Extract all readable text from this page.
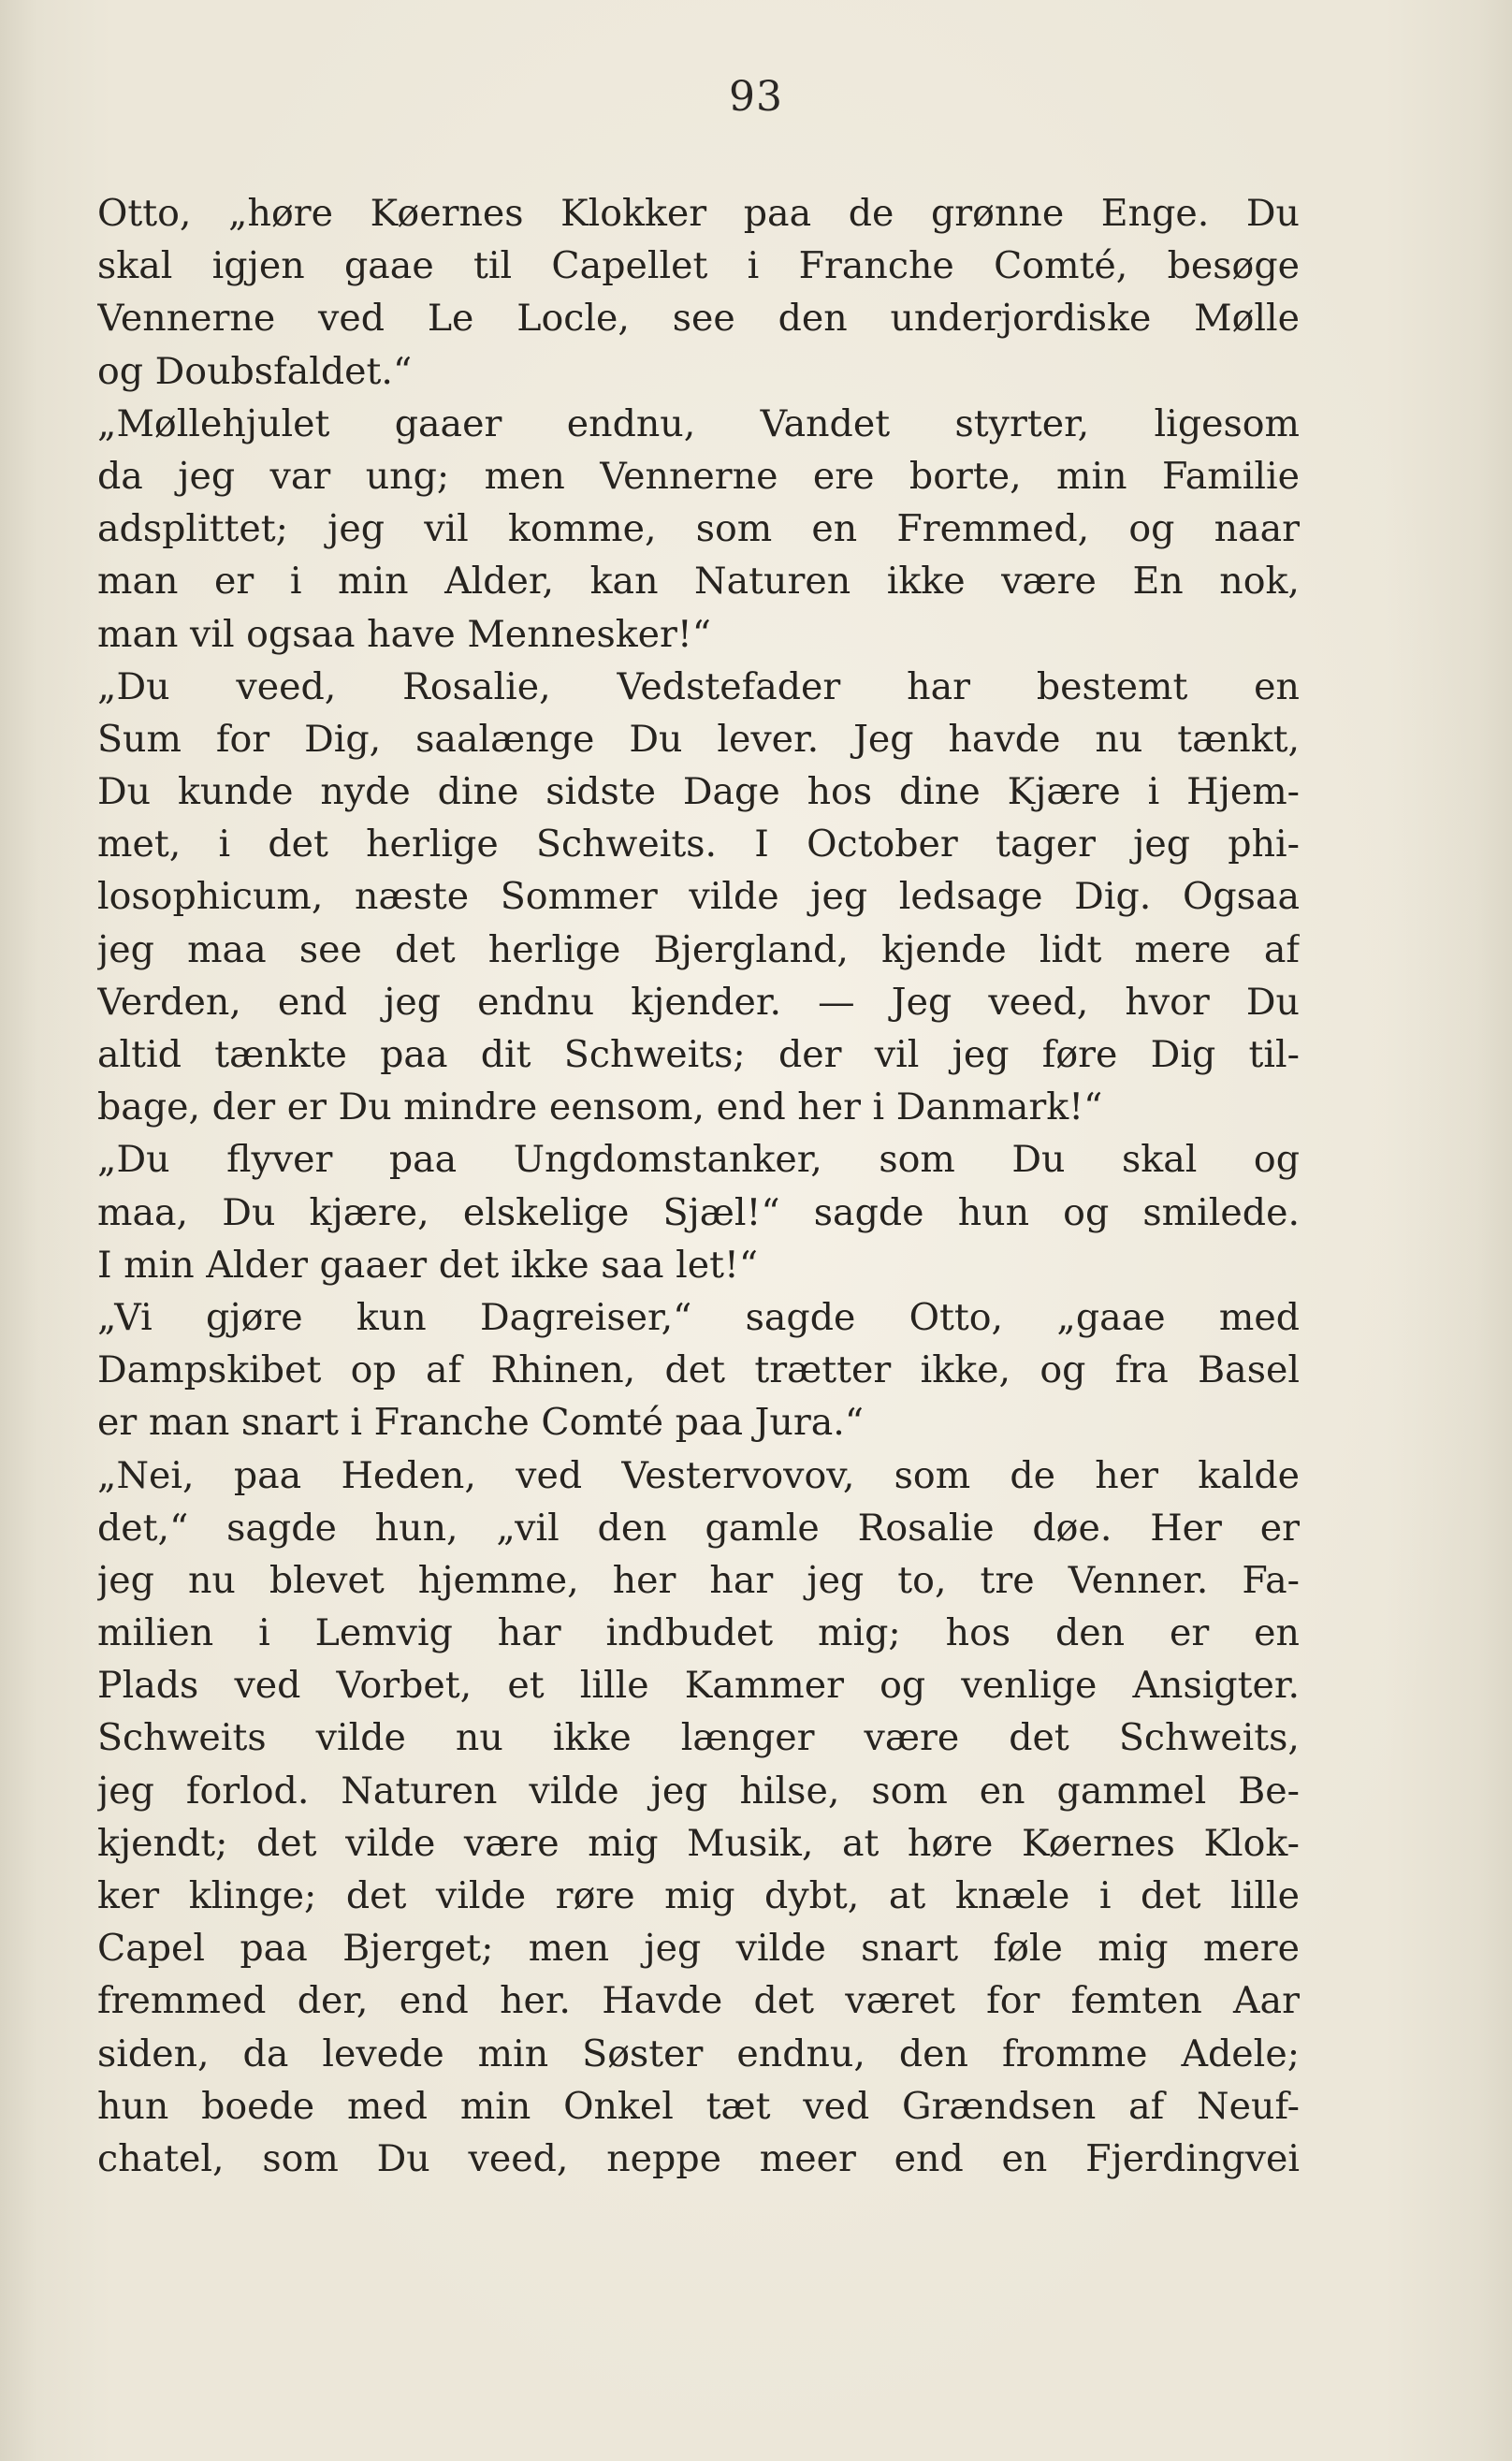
93
Otto, „høre Køernes Klokker paa de grønne Enge. Du
skal igjen gaae til Capellet i Franche Comté, besøge
Vennerne ved Le Locle, see den underjordiske Mølle
og Doubsfaldet.“
„Møllehjulet gaaer endnu, Vandet styrter, ligesom
da jeg var ung; men Vennerne ere borte, min Familie
adsplittet; jeg vil komme, som en Fremmed, og naar
man er i min Alder, kan Naturen ikke være En nok,
man vil ogsaa have Mennesker!“
„Du veed, Rosalie, Vedstefader har bestemt en
Sum for Dig, saalænge Du lever. Jeg havde nu tænkt,
Du kunde nyde dine sidste Dage hos dine Kjære i Hjem-
met, i det herlige Schweits. I October tager jeg phi-
losophicum, næste Sommer vilde jeg ledsage Dig. Ogsaa
jeg maa see det herlige Bjergland, kjende lidt mere af
Verden, end jeg endnu kjender. — Jeg veed, hvor Du
altid tænkte paa dit Schweits; der vil jeg føre Dig til-
bage, der er Du mindre eensom, end her i Danmark!“
„Du flyver paa Ungdomstanker, som Du skal og
maa, Du kjære, elskelige Sjæl!“ sagde hun og smilede.
I min Alder gaaer det ikke saa let!“
„Vi gjøre kun Dagreiser,“ sagde Otto, „gaae med
Dampskibet op af Rhinen, det trætter ikke, og fra Basel
er man snart i Franche Comté paa Jura.“
„Nei, paa Heden, ved Vestervovov, som de her kalde
det,“ sagde hun, „vil den gamle Rosalie døe. Her er
jeg nu blevet hjemme, her har jeg to, tre Venner. Fa-
milien i Lemvig har indbudet mig; hos den er en
Plads ved Vorbet, et lille Kammer og venlige Ansigter.
Schweits vilde nu ikke længer være det Schweits,
jeg forlod. Naturen vilde jeg hilse, som en gammel Be-
kjendt; det vilde være mig Musik, at høre Køernes Klok-
ker klinge; det vilde røre mig dybt, at knæle i det lille
Capel paa Bjerget; men jeg vilde snart føle mig mere
fremmed der, end her. Havde det været for femten Aar
siden, da levede min Søster endnu, den fromme Adele;
hun boede med min Onkel tæt ved Grændsen af Neuf-
chatel, som Du veed, neppe meer end en Fjerdingvei
